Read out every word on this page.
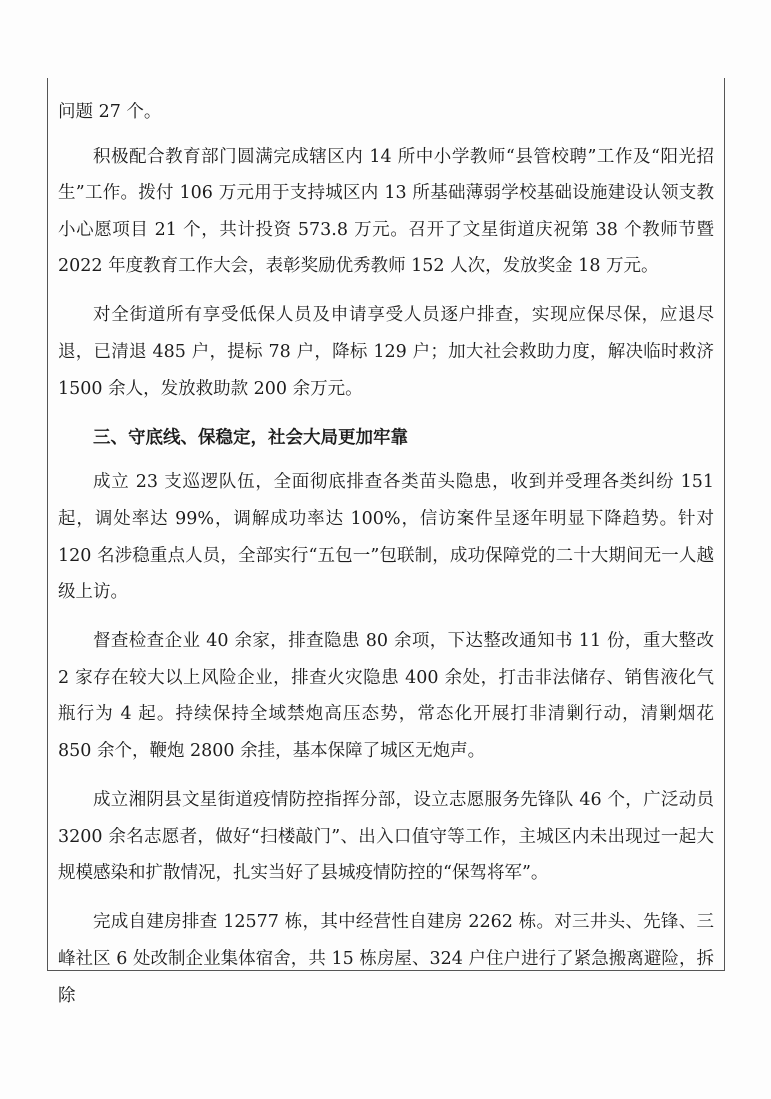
问题 27 个。

积极配合教育部门圆满完成辖区内 14 所中小学教师“县管校聘”工作及“阳光招生”工作。拨付 106 万元用于支持城区内 13 所基础薄弱学校基础设施建设认领支教小心愿项目 21 个，共计投资 573.8 万元。召开了文星街道庆祝第 38 个教师节暨 2022 年度教育工作大会，表彰奖励优秀教师 152 人次，发放奖金 18 万元。

对全街道所有享受低保人员及申请享受人员逐户排查，实现应保尽保，应退尽退，已清退 485 户，提标 78 户，降标 129 户；加大社会救助力度，解决临时救济 1500 余人，发放救助款 200 余万元。

三、守底线、保稳定，社会大局更加牢靠

成立 23 支巡逻队伍，全面彻底排查各类苗头隐患，收到并受理各类纠纷 151 起，调处率达 99%，调解成功率达 100%，信访案件呈逐年明显下降趋势。针对 120 名涉稳重点人员，全部实行“五包一”包联制，成功保障党的二十大期间无一人越级上访。

督查检查企业 40 余家，排查隐患 80 余项，下达整改通知书 11 份，重大整改 2 家存在较大以上风险企业，排查火灾隐患 400 余处，打击非法储存、销售液化气瓶行为 4 起。持续保持全域禁炮高压态势，常态化开展打非清剿行动，清剿烟花 850 余个，鞭炮 2800 余挂，基本保障了城区无炮声。

成立湘阴县文星街道疫情防控指挥分部，设立志愿服务先锋队 46 个，广泛动员 3200 余名志愿者，做好“扫楼敲门”、出入口值守等工作，主城区内未出现过一起大规模感染和扩散情况，扎实当好了县城疫情防控的“保驾将军”。

完成自建房排查 12577 栋，其中经营性自建房 2262 栋。对三井头、先锋、三峰社区 6 处改制企业集体宿舍，共 15 栋房屋、324 户住户进行了紧急搬离避险，拆除
